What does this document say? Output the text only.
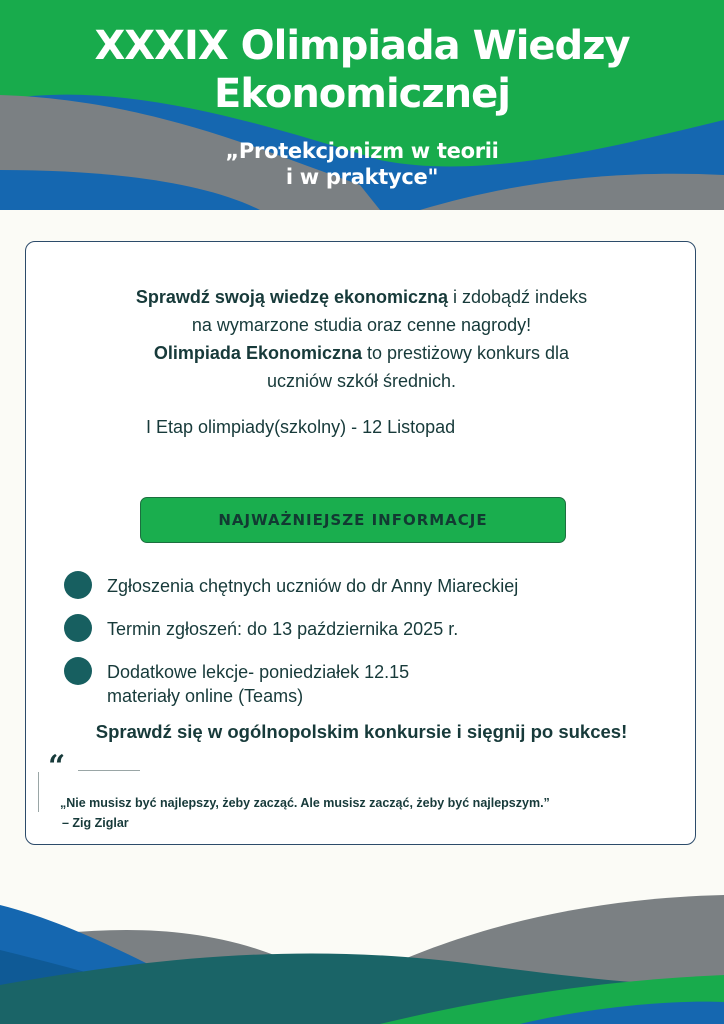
XXXIX Olimpiada Wiedzy
Ekonomicznej
„Protekcjonizm w teorii
i w praktyce"
Sprawdź swoją wiedzę ekonomiczną i zdobądź indeks
na wymarzone studia oraz cenne nagrody!
Olimpiada Ekonomiczna to prestiżowy konkurs dla
uczniów szkół średnich.
I Etap olimpiady(szkolny) - 12 Listopad
NAJWAŻNIEJSZE INFORMACJE
Zgłoszenia chętnych uczniów do dr Anny Miareckiej
Termin zgłoszeń: do 13 października 2025 r.
Dodatkowe lekcje- poniedziałek 12.15
materiały online (Teams)
Sprawdź się w ogólnopolskim konkursie i sięgnij po sukces!
“
„Nie musisz być najlepszy, żeby zacząć. Ale musisz zacząć, żeby być najlepszym.”
– Zig Ziglar
